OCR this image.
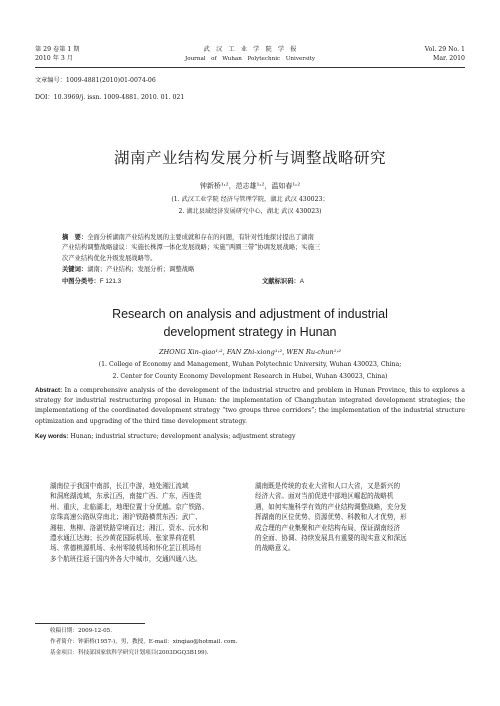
第 29 卷第 1 期
2010 年 3 月
武　汉　工　业　学　院　学　报
Journal　of　Wuhan　Polytechnic　University
Vol. 29 No. 1
Mar. 2010
文章编号：1009-4881(2010)01-0074-06
DOI：10.3969/j. issn. 1009-4881. 2010. 01. 021
湖南产业结构发展分析与调整战略研究
钟新桥¹˒²，范志雄¹˒²，温如春¹˒²
(1. 武汉工业学院 经济与管理学院，湖北 武汉 430023；
2. 湖北县域经济发展研究中心，湖北 武汉 430023)
摘　要：全面分析湖南产业结构发展的主要成就和存在的问题，有针对性地探讨提出了湖南
产业结构调整战略建议：实施长株潭一体化发展战略；实施“两圈三带”协调发展战略；实施三
次产业结构优化升级发展战略等。
关键词：湖南；产业结构；发展分析；调整战略
中图分类号：F 121.3	文献标识码：A
Research on analysis and adjustment of industrial
development strategy in Hunan
ZHONG Xin-qiao¹˒², FAN Zhi-xiong¹˒², WEN Ru-chun¹˒²
(1. College of Economy and Management, Wuhan Polytechnic University, Wuhan 430023, China;
2. Center for County Economy Development Research in Hubei, Wuhan 430023, China)
Abstract: In a comprehensive analysis of the development of the industrial structre and problem in Hunan Province, this to explores a strategy for industrial restructuring proposal in Hunan: the implementation of Changzhutan integrated development strategies; the implementationg of the coordinated development strategy “two groups three corridors”; the implementation of the industrial structure optimization and upgrading of the third time development strategy.
Key words: Hunan; industrial structure; development analysis; adjustment strategy
湖南位于我国中南部，长江中游，地处湘江流域
和洞庭湖流域，东承江西，南接广西、广东，西连贵
州、重庆，北临湖北，地理位置十分优越。京广铁路、
京珠高速公路纵穿南北；湘沪铁路横贯东西；武广、
湘桂、焦柳、洛湛铁路穿境而过；湘江、资水、沅水和
澧水通江达海；长沙黄花国际机场、张家界荷花机
场、常德桃源机场、永州零陵机场和怀化芷江机场有
多个航班往返于国内外各大中城市，交通四通八达。
湖南既是传统的农业大省和人口大省，又是新兴的
经济大省。面对当前促进中部地区崛起的战略机
遇，如何实施科学有效的产业结构调整战略，充分发
挥湖南的区位优势、资源优势、科教和人才优势，形
成合理的产业集聚和产业结构布局，保证湖南经济
的全面、协调、持续发展具有重要的现实意义和深远
的战略意义。
收稿日期：2009-12-05.
作者简介：钟新桥(1957-)，男，教授，E-mail：xinqiao@hotmail. com.
基金项目：科技部国家软科学研究计划项目(2003DGQ3B199).
